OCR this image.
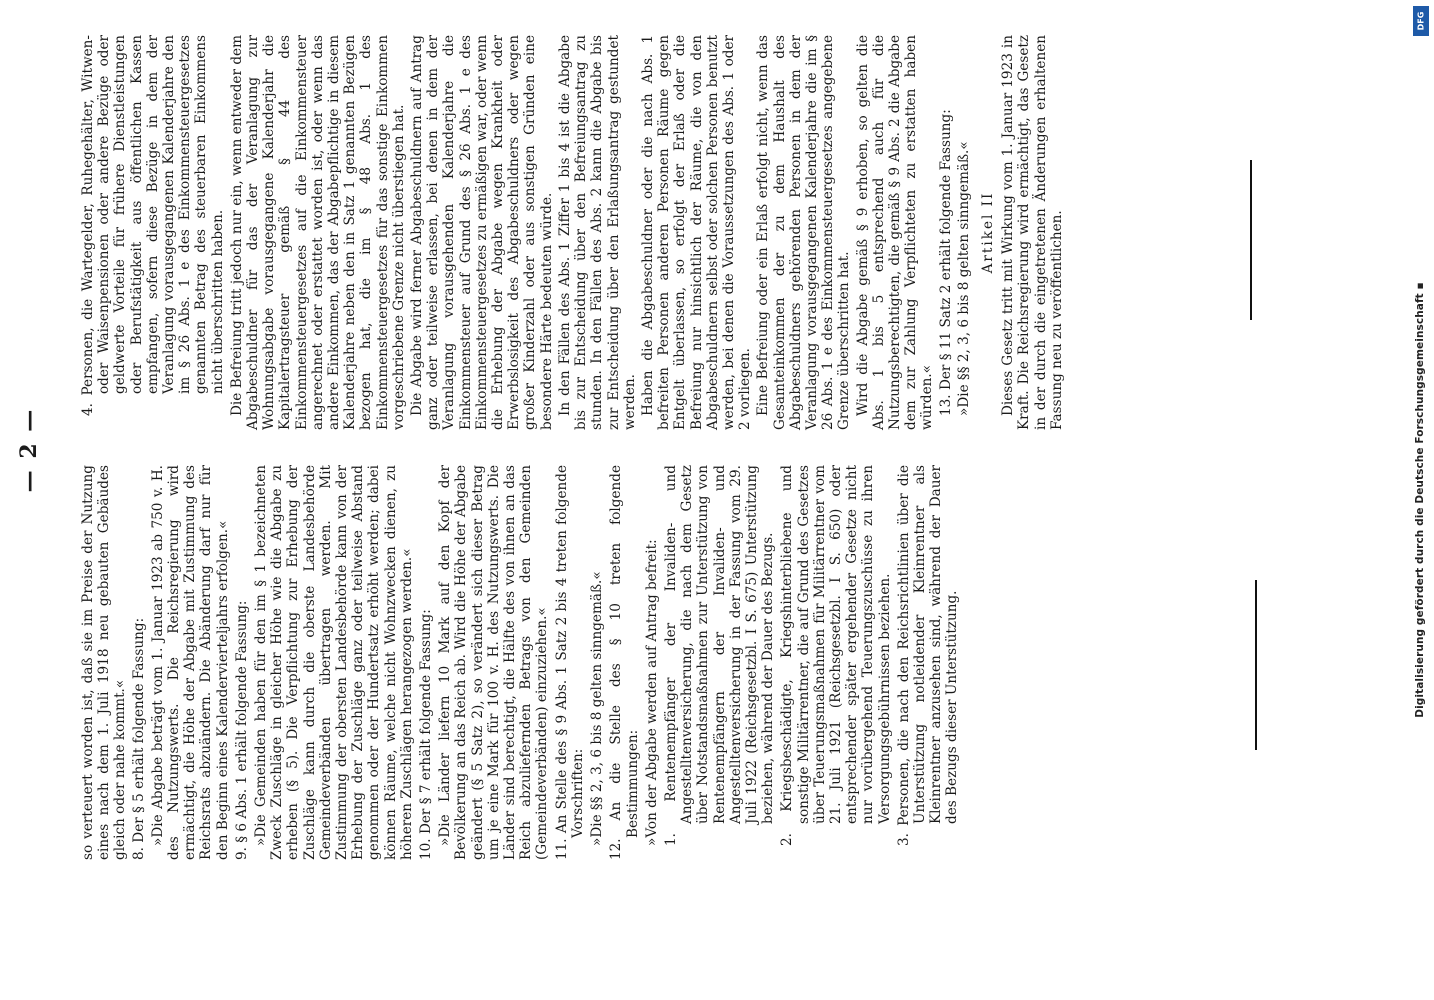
— 2 —

so verteuert worden ist, daß sie im Preise der Nutzung eines nach dem 1. Juli 1918 neu gebauten Gebäudes gleich oder nahe kommt.« 8. Der § 5 erhält folgende Fassung: »Die Abgabe beträgt vom 1. Januar 1923 ab 750 v. H. des Nutzungswerts. Die Reichsregierung wird ermächtigt, die Höhe der Abgabe mit Zustimmung des Reichsrats abzuändern. Die Abänderung darf nur für den Beginn eines Kalendervierteljahrs erfolgen.« 9. § 6 Abs. 1 erhält folgende Fassung: »Die Gemeinden haben für den im § 1 bezeichneten Zweck Zuschläge in gleicher Höhe wie die Abgabe zu erheben (§ 5). Die Verpflichtung zur Erhebung der Zuschläge kann durch die oberste Landesbehörde Gemeindeverbänden übertragen werden. Mit Zustimmung der obersten Landesbehörde kann von der Erhebung der Zuschläge ganz oder teilweise Abstand genommen oder der Hundertsatz erhöht werden; dabei können Räume, welche nicht Wohnzwecken dienen, zu höheren Zuschlägen herangezogen werden.« 10. Der § 7 erhält folgende Fassung: »Die Länder liefern 10 Mark auf den Kopf der Bevölkerung an das Reich ab. Wird die Höhe der Abgabe geändert (§ 5 Satz 2), so verändert sich dieser Betrag um je eine Mark für 100 v. H. des Nutzungswerts. Die Länder sind berechtigt, die Hälfte des von ihnen an das Reich abzuliefernden Betrags von den Gemeinden (Gemeindeverbänden) einzuziehen.« 11. An Stelle des § 9 Abs. 1 Satz 2 bis 4 treten folgende Vorschriften: »Die §§ 2, 3, 6 bis 8 gelten sinngemäß.« 12. An die Stelle des § 10 treten folgende Bestimmungen: »Von der Abgabe werden auf Antrag befreit: 1. Rentenempfänger der Invaliden- und Angestelltenversicherung, die nach dem Gesetz über Notstandsmaßnahmen zur Unterstützung von Rentenempfängern der Invaliden- und Angestelltenversicherung in der Fassung vom 29. Juli 1922 (Reichsgesetzbl. I S. 675) Unterstützung beziehen, während der Dauer des Bezugs. 2. Kriegsbeschädigte, Kriegshinterbliebene und sonstige Militärrentner, die auf Grund des Gesetzes über Teuerungsmaßnahmen für Militärrentner vom 21. Juli 1921 (Reichsgesetzbl. I S. 650) oder entsprechender später ergehender Gesetze nicht nur vorübergehend Teuerungszuschüsse zu ihren Versorgungsgebührnissen beziehen. 3. Personen, die nach den Reichsrichtlinien über die Unterstützung notleidender Kleinrentner als Kleinrentner anzusehen sind, während der Dauer des Bezugs dieser Unterstützung.

4. Personen, die Wartegelder, Ruhegehälter, Witwen- oder Waisenpensionen oder andere Bezüge oder geldwerte Vorteile für frühere Dienstleistungen oder Berufstätigkeit aus öffentlichen Kassen empfangen, sofern diese Bezüge in dem der Veranlagung vorausgegangenen Kalenderjahre den im § 26 Abs. 1 e des Einkommensteuergesetzes genannten Betrag des steuerbaren Einkommens nicht überschritten haben. Die Befreiung tritt jedoch nur ein, wenn entweder dem Abgabeschuldner für das der Veranlagung zur Wohnungsabgabe vorausgegangene Kalenderjahr die Kapitalertragsteuer gemäß § 44 des Einkommensteuergesetzes auf die Einkommensteuer angerechnet oder erstattet worden ist, oder wenn das andere Einkommen, das der Abgabepflichtige in diesem Kalenderjahre neben den in Satz 1 genannten Bezügen bezogen hat, die im § 48 Abs. 1 des Einkommensteuergesetzes für das sonstige Einkommen vorgeschriebene Grenze nicht überstiegen hat. Die Abgabe wird ferner Abgabeschuldnern auf Antrag ganz oder teilweise erlassen, bei denen in dem der Veranlagung vorausgehenden Kalenderjahre die Einkommensteuer auf Grund des § 26 Abs. 1 e des Einkommensteuergesetzes zu ermäßigen war, oder wenn die Erhebung der Abgabe wegen Krankheit oder Erwerbslosigkeit des Abgabeschuldners oder wegen großer Kinderzahl oder aus sonstigen Gründen eine besondere Härte bedeuten würde. In den Fällen des Abs. 1 Ziffer 1 bis 4 ist die Abgabe bis zur Entscheidung über den Befreiungsantrag zu stunden. In den Fällen des Abs. 2 kann die Abgabe bis zur Entscheidung über den Erlaßungsantrag gestundet werden. Haben die Abgabeschuldner oder die nach Abs. 1 befreiten Personen anderen Personen Räume gegen Entgelt überlassen, so erfolgt der Erlaß oder die Befreiung nur hinsichtlich der Räume, die von den Abgabeschuldnern selbst oder solchen Personen benutzt werden, bei denen die Voraussetzungen des Abs. 1 oder 2 vorliegen. Eine Befreiung oder ein Erlaß erfolgt nicht, wenn das Gesamteinkommen der zu dem Haushalt des Abgabeschuldners gehörenden Personen in dem der Veranlagung vorausgegangenen Kalenderjahre die im § 26 Abs. 1 e des Einkommensteuergesetzes angegebene Grenze überschritten hat. Wird die Abgabe gemäß § 9 erhoben, so gelten die Abs. 1 bis 5 entsprechend auch für die Nutzungsberechtigten, die gemäß § 9 Abs. 2 die Abgabe dem zur Zahlung Verpflichteten zu erstatten haben würden.« 13. Der § 11 Satz 2 erhält folgende Fassung: »Die §§ 2, 3, 6 bis 8 gelten sinngemäß.« Artikel II Dieses Gesetz tritt mit Wirkung vom 1. Januar 1923 in Kraft. Die Reichsregierung wird ermächtigt, das Gesetz in der durch die eingetretenen Änderungen erhaltenen Fassung neu zu veröffentlichen.	Digitalisierung gefördert durch die Deutsche Forschungsgemeinschaft ▪
DFG
